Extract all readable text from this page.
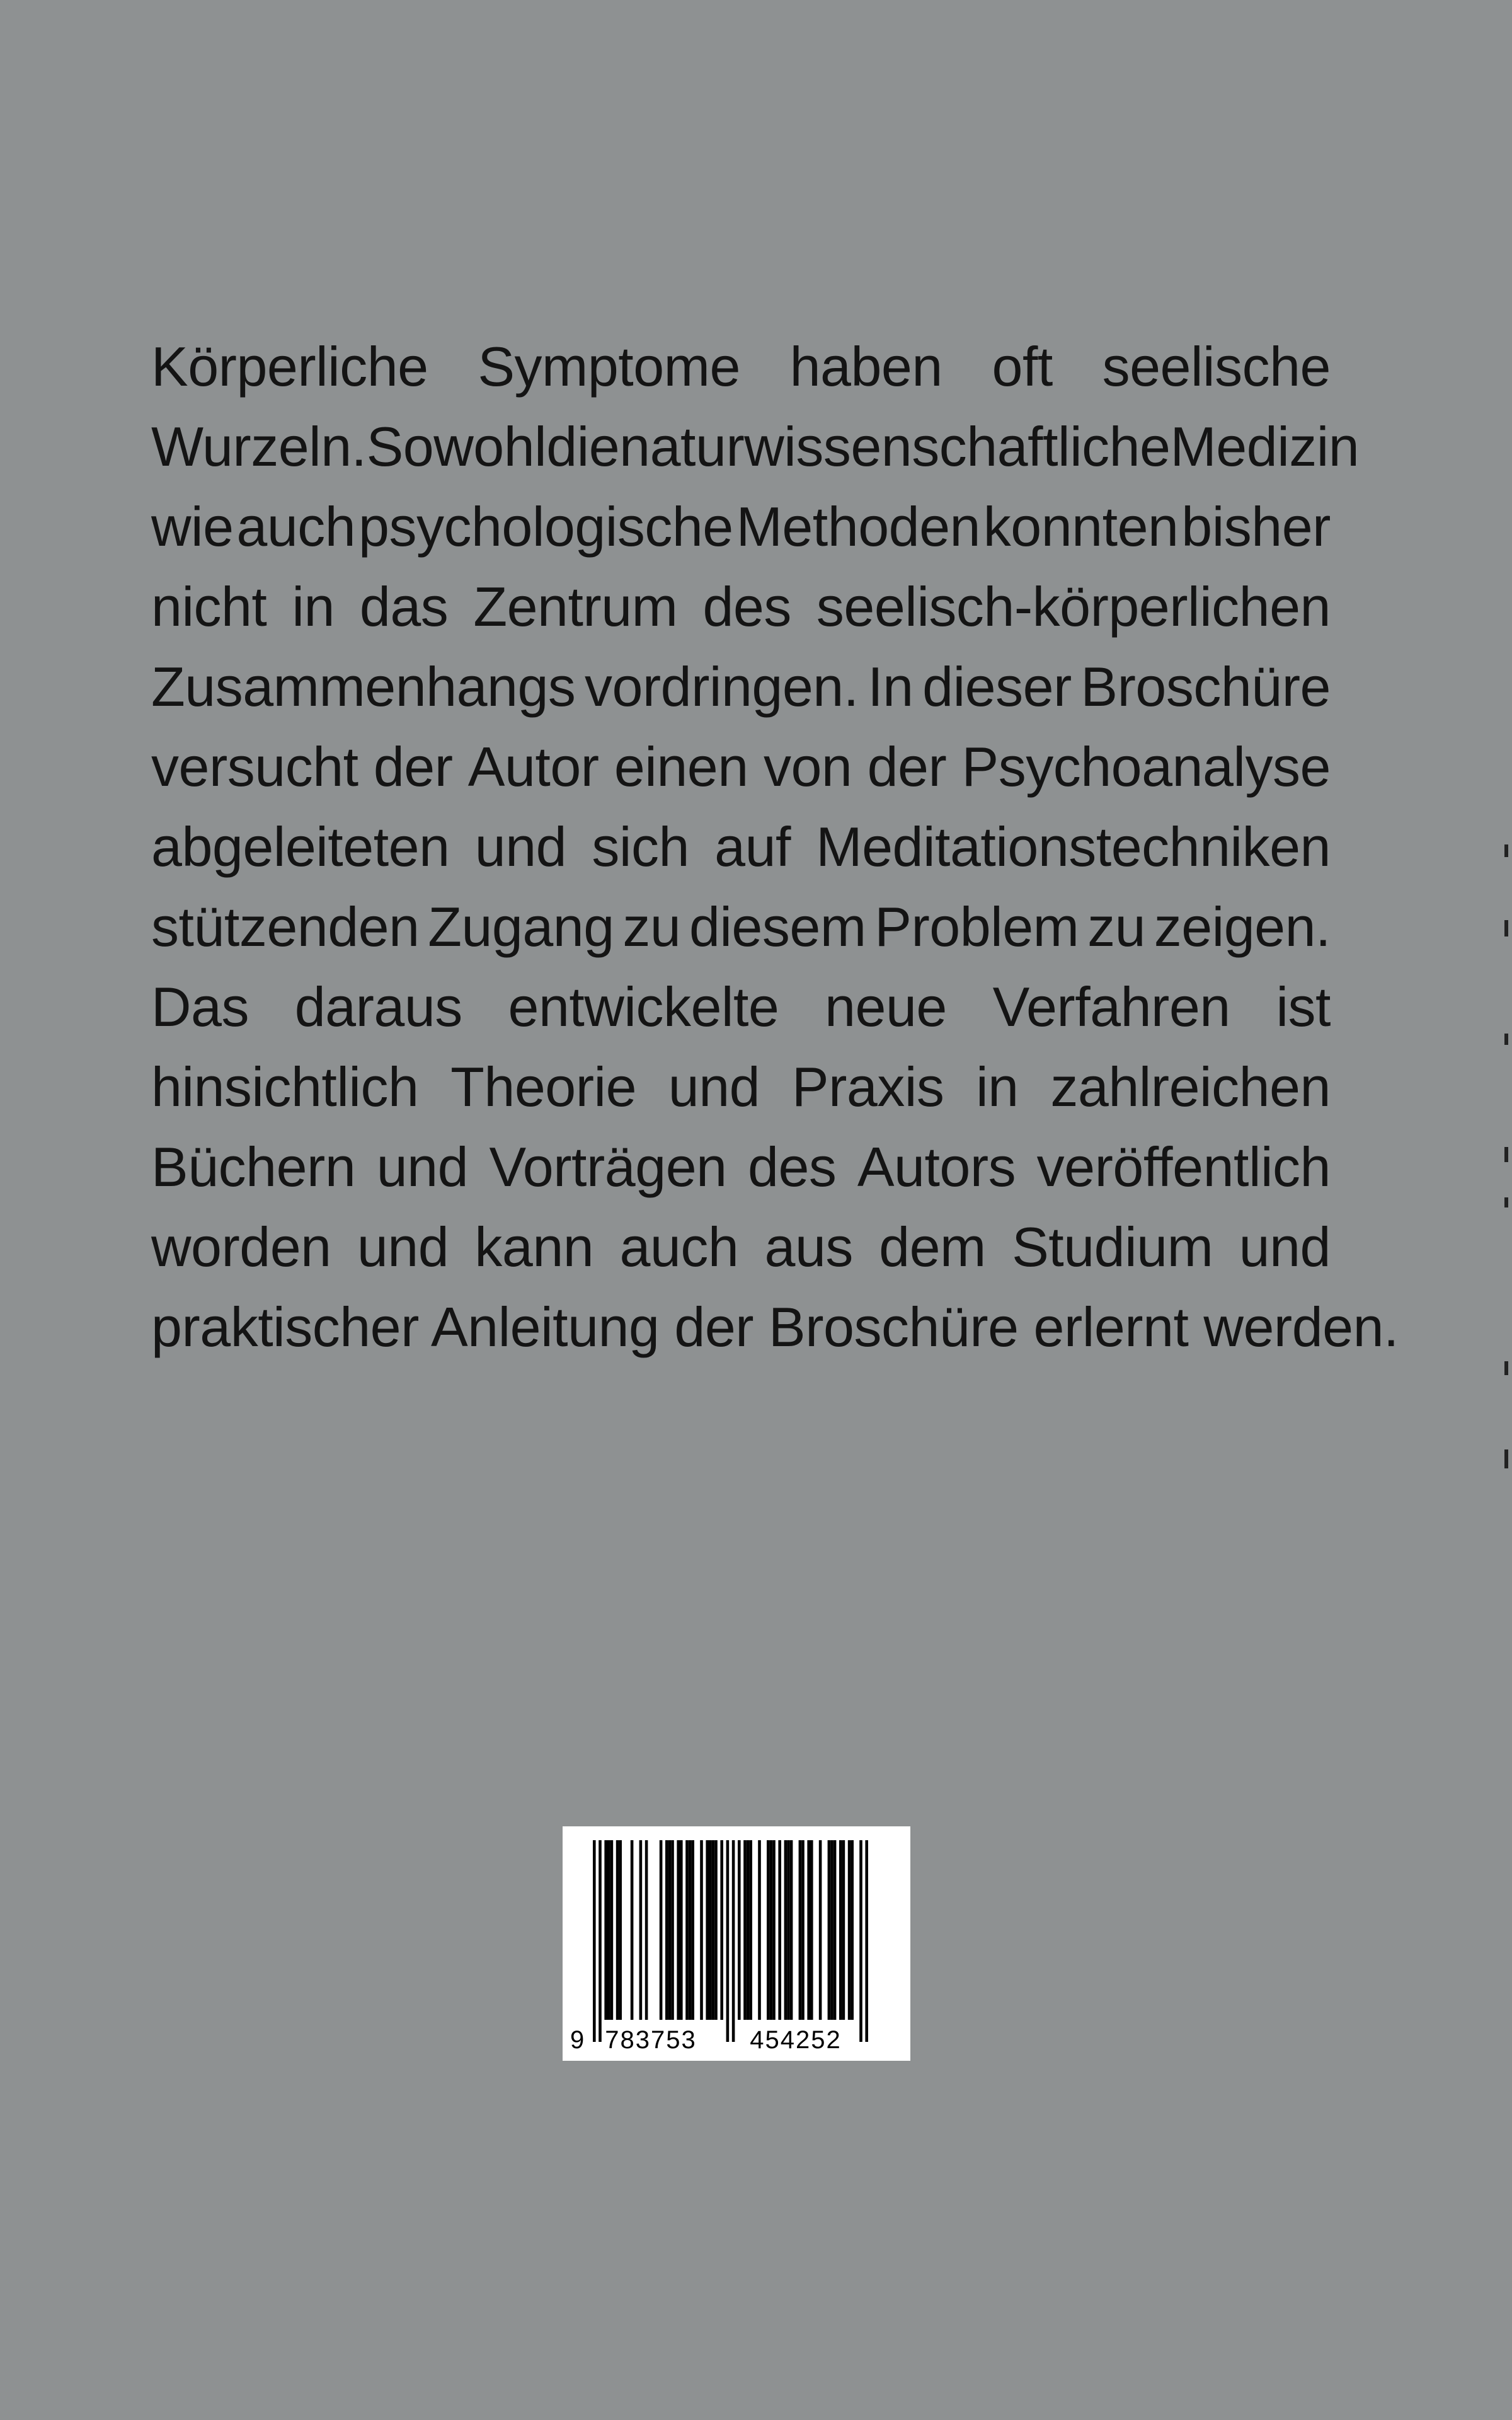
Körperliche Symptome haben oft seelische
Wurzeln. Sowohl die naturwissenschaftliche Medizin
wie auch psychologische Methoden konnten bisher
nicht in das Zentrum des seelisch-körperlichen
Zusammenhangs vordringen. In dieser Broschüre
versucht der Autor einen von der Psychoanalyse
abgeleiteten und sich auf Meditationstechniken
stützenden Zugang zu diesem Problem zu zeigen.
Das daraus entwickelte neue Verfahren ist
hinsichtlich Theorie und Praxis in zahlreichen
Büchern und Vorträgen des Autors veröffentlich
worden und kann auch aus dem Studium und
praktischer Anleitung der Broschüre erlernt werden.
9 783753 454252
